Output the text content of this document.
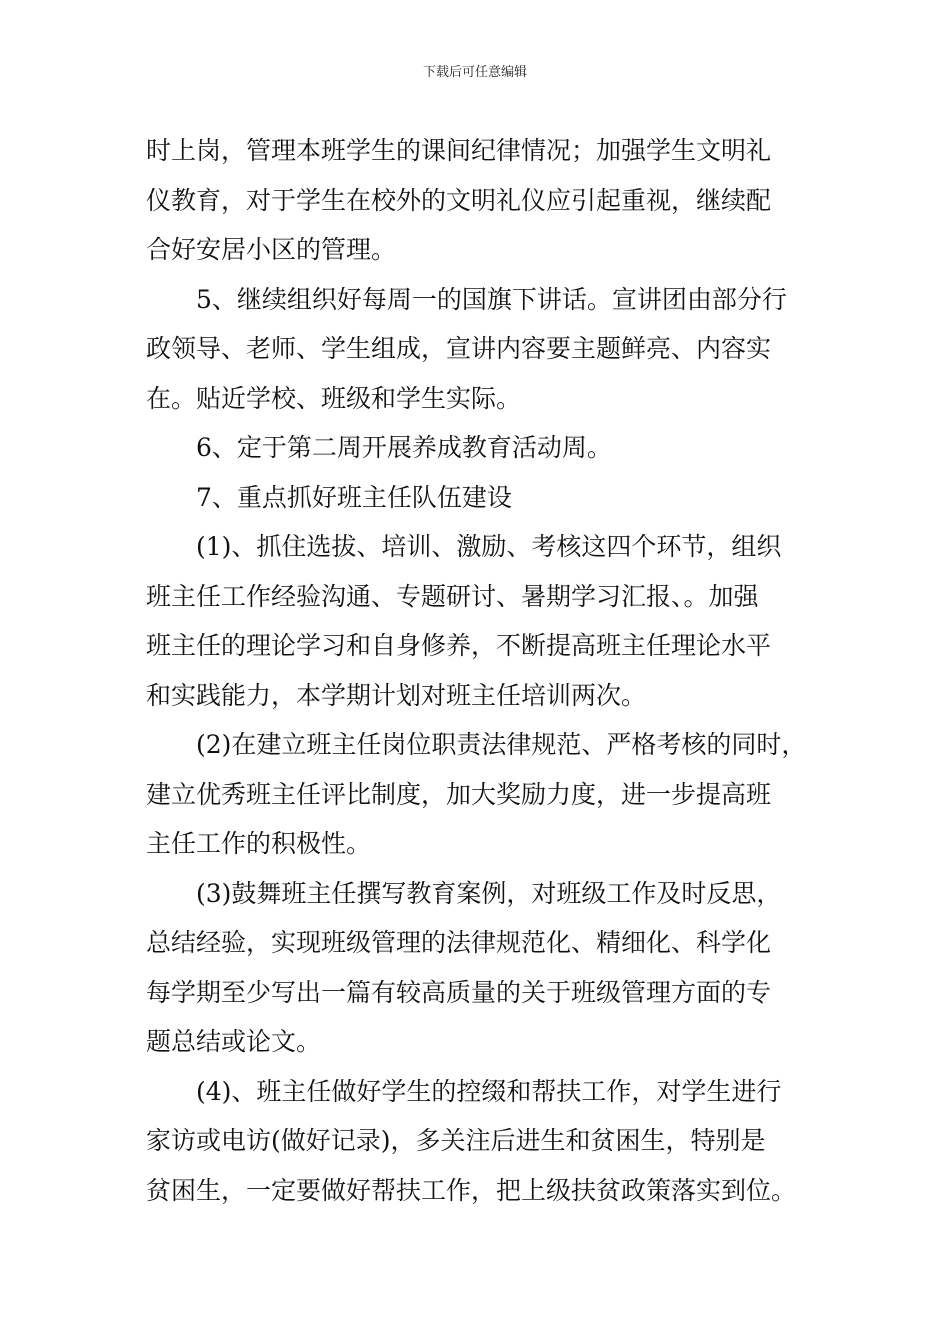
下载后可任意编辑
时上岗，管理本班学生的课间纪律情况；加强学生文明礼
仪教育，对于学生在校外的文明礼仪应引起重视，继续配
合好安居小区的管理。
5、继续组织好每周一的国旗下讲话。宣讲团由部分行
政领导、老师、学生组成，宣讲内容要主题鲜亮、内容实
在。贴近学校、班级和学生实际。
6、定于第二周开展养成教育活动周。
7、重点抓好班主任队伍建设
(1)、抓住选拔、培训、激励、考核这四个环节，组织
班主任工作经验沟通、专题研讨、暑期学习汇报、。加强
班主任的理论学习和自身修养，不断提高班主任理论水平
和实践能力，本学期计划对班主任培训两次。
(2)在建立班主任岗位职责法律规范、严格考核的同时，
建立优秀班主任评比制度，加大奖励力度，进一步提高班
主任工作的积极性。
(3)鼓舞班主任撰写教育案例，对班级工作及时反思，
总结经验，实现班级管理的法律规范化、精细化、科学化
每学期至少写出一篇有较高质量的关于班级管理方面的专
题总结或论文。
(4)、班主任做好学生的控缀和帮扶工作，对学生进行
家访或电访(做好记录)，多关注后进生和贫困生，特别是
贫困生，一定要做好帮扶工作，把上级扶贫政策落实到位。
